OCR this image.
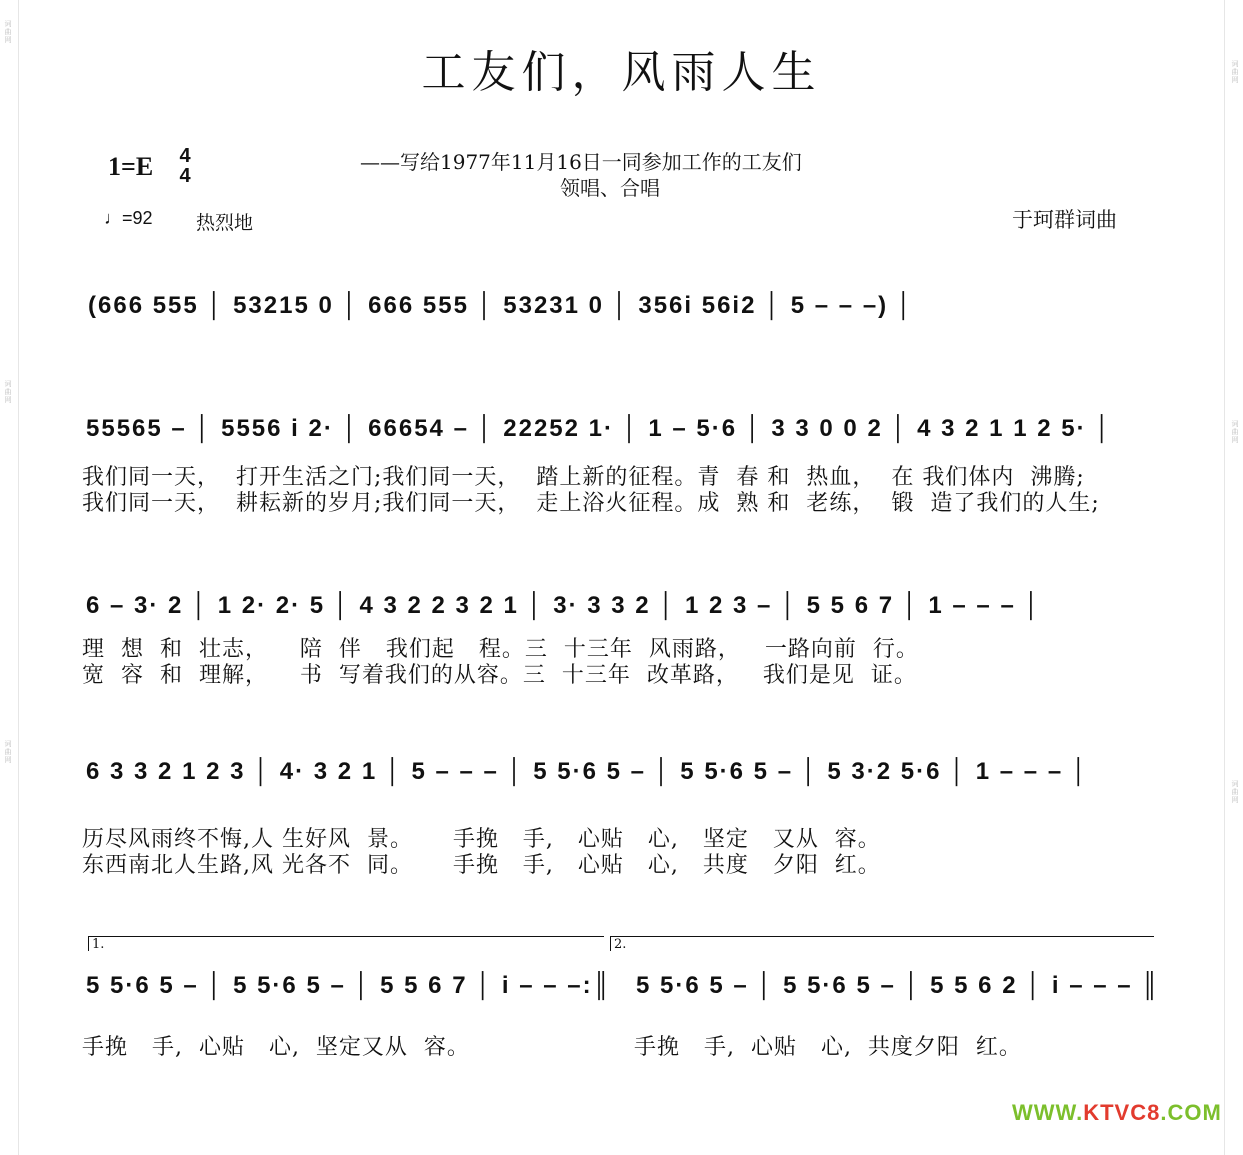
词曲网
词曲网
词曲网
词曲网
词曲网
词曲网
工友们，风雨人生
1=E 4
4
——写给1977年11月16日一同参加工作的工友们
领唱、合唱
♩=92 热烈地	于珂群词曲
(666 555 │ 53215 0 │ 666 555 │ 53231 0 │ 356i 56i2 │ 5 – – –) │
55565 – │ 5556 i 2· │ 66654 – │ 22252 1· │ 1 – 5·6 │ 3 3 0 0 2 │ 4 3 2 1 1 2 5· │
我们同一天，  打开生活之门;我们同一天，  踏上新的征程。青  春 和  热血，  在 我们体内  沸腾;
我们同一天，  耕耘新的岁月;我们同一天，  走上浴火征程。成  熟 和  老练，  锻  造了我们的人生;
6 – 3· 2 │ 1 2· 2· 5 │ 4 3 2 2 3 2 1 │ 3· 3 3 2 │ 1 2 3 – │ 5 5 6 7 │ 1 – – – │
理  想  和  壮志，    陪  伴   我们起   程。三  十三年  风雨路，   一路向前  行。
宽  容  和  理解，    书  写着我们的从容。三  十三年  改革路，   我们是见  证。
6 3 3 2 1 2 3 │ 4· 3 2 1 │ 5 – – – │ 5 5·6 5 – │ 5 5·6 5 – │ 5 3·2 5·6 │ 1 – – – │
历尽风雨终不悔,人 生好风  景。     手挽   手,   心贴   心,   坚定   又从  容。
东西南北人生路,风 光各不  同。     手挽   手,   心贴   心,   共度   夕阳  红。
1.	2.
5 5·6 5 – │ 5 5·6 5 – │ 5 5 6 7 │ i – – –:║ 5 5·6 5 – │ 5 5·6 5 – │ 5 5 6 2 │ i – – – ║
手挽   手,  心贴   心,  坚定又从  容。	手挽   手,  心贴   心,  共度夕阳  红。
WWW.KTVC8.COM
